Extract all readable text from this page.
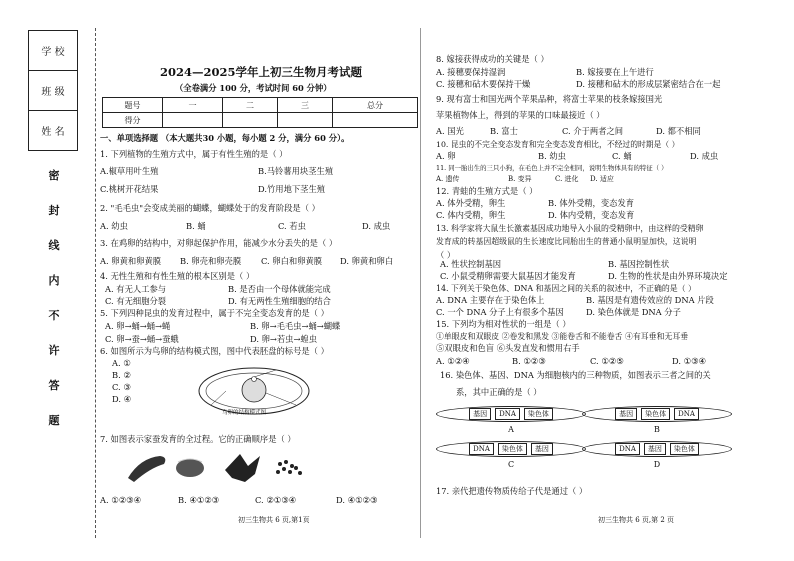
学 校
班 级
姓 名
密
封
线
内
不
许
答
题
2024—2025学年上初三生物月考试题
（全卷满分 100 分，考试时间 60 分钟）
题号	一	二	三	总分
得分				
一、单项选择题 （本大题共30 小题，每小题 2 分，满分 60 分）。
1. 下列植物的生殖方式中，属于有性生殖的是（ ）
A.椒草用叶生殖	B.马铃薯用块茎生殖
C.桃树开花结果	D.竹用地下茎生殖
2. "毛毛虫"会变成美丽的蝴蝶，蝴蝶处于的发育阶段是（ ）
A. 幼虫	B. 蛹	C. 若虫	D. 成虫
3. 在鸡卵的结构中，对卵起保护作用，能减少水分丢失的是（ ）
A. 卵黄和卵黄膜 B. 卵壳和卵壳膜 C. 卵白和卵黄膜 D. 卵黄和卵白
4. 无性生殖和有性生殖的根本区别是（ ）
A. 有无人工参与	B. 是否由一个母体就能完成
C. 有无细胞分裂	D. 有无两性生殖细胞的结合
5. 下列四种昆虫的发育过程中，属于不完全变态发育的是（ ）
A. 卵→蛹→蛹→蝇	B. 卵→毛毛虫→蛹→蝴蝶
C. 卵→蚕→蛹→蚕蛾	D. 卵→若虫→蝗虫
6. 如图所示为鸟卵的结构模式图，图中代表胚盘的标号是（ ）
A. ①
B. ②
C. ③
D. ④
鸟卵的结构模式图
7. 如图表示家蚕发育的全过程。它的正确顺序是（ ）
A. ①②③④	B. ④①②③	C. ②①③④	D. ④①②③
初三生物共 6 页,第1页
8. 嫁接获得成功的关键是（ ）
A. 接穗要保持湿润	B. 嫁接要在上午进行
C. 接穗和砧木要保持干燥	D. 接穗和砧木的形成层紧密结合在一起
9. 现有富士和国光两个苹果品种，将富士苹果的枝条嫁接国光
苹果植物体上，得到的苹果的口味最接近（ ）
A. 国光	B. 富士	C. 介于两者之间	D. 都不相同
10. 昆虫的不完全变态发育和完全变态发育相比，不经过的时期是（ ）
A. 卵	B. 幼虫	C. 蛹	D. 成虫
11. 同一胎出生的三只小狗，在毛色上并不完全相同，说明生物体具有的特征（ ）
A. 遗传	B. 变异	C. 进化 D. 适应
12. 青蛙的生殖方式是（ ）
A. 体外受精，卵生	B. 体外受精，变态发育
C. 体内受精，卵生	D. 体内受精，变态发育
13. 科学家将大鼠生长激素基因成功地导入小鼠的受精卵中，由这样的受精卵
发育成的转基因超级鼠的生长速度比同胎出生的普通小鼠明显加快，这说明
（ ）
A. 性状控制基因	B. 基因控制性状
C. 小鼠受精卵需要大鼠基因才能发育	D. 生物的性状是由外界环境决定
14. 下列关于染色体、DNA 和基因之间的关系的叙述中，不正确的是（ ）
A. DNA 主要存在于染色体上	B. 基因是有遗传效应的 DNA 片段
C. 一个 DNA 分子上有很多个基因	D. 染色体就是 DNA 分子
15. 下列均为相对性状的一组是（ ）
①单眼皮和双眼皮 ②卷发和黑发 ③能卷舌和不能卷舌 ④有耳垂和无耳垂
⑤双眼皮和色盲 ⑥头发直发和惯用右手
A. ①②④	B. ①②③	C. ①②⑤	D. ①③④
16. 染色体、基因、DNA 为细胞核内的三种物质，如图表示三者之间的关
系，其中正确的是（ ）
基因	DNA	染色体
A
基因	染色体	DNA
B
DNA	染色体	基因
C
DNA	基因	染色体
D
17. 亲代把遗传物质传给子代是通过（ ）
初三生物共 6 页,第 2 页
